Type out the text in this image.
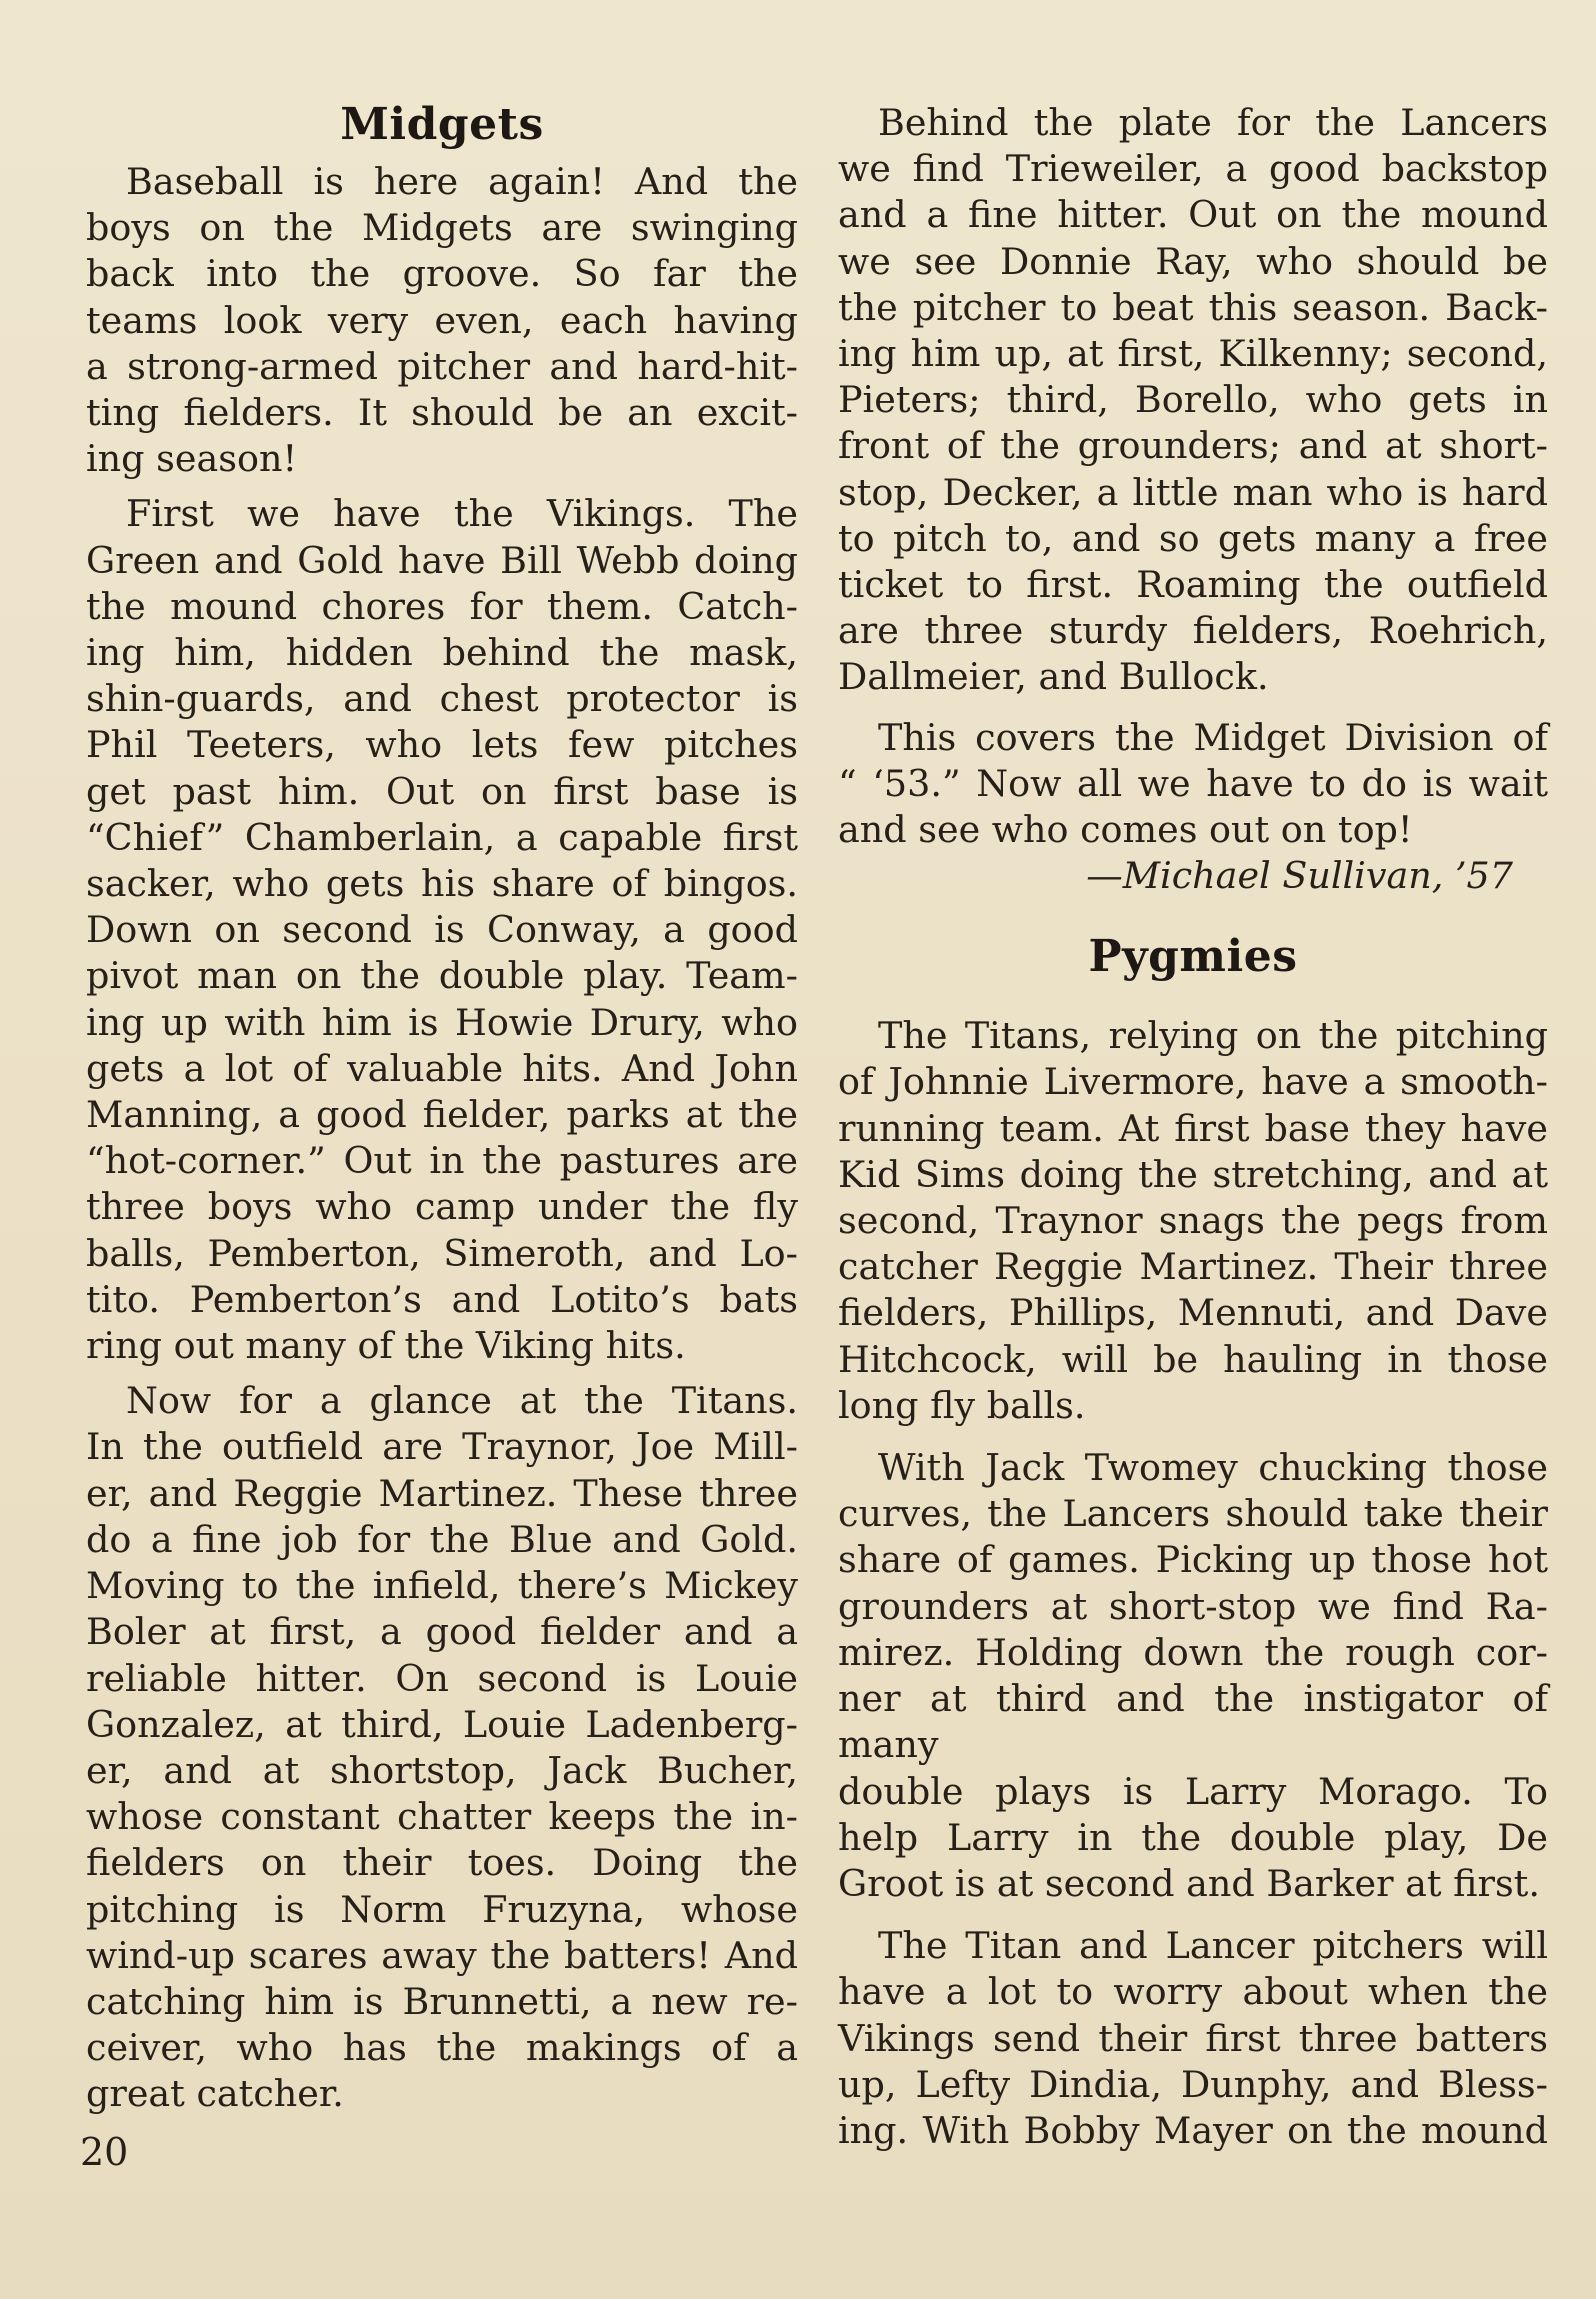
Midgets
Baseball is here again! And the
boys on the Midgets are swinging
back into the groove. So far the
teams look very even, each having
a strong-armed pitcher and hard-hit-
ting fielders. It should be an excit-
ing season!
First we have the Vikings. The
Green and Gold have Bill Webb doing
the mound chores for them. Catch-
ing him, hidden behind the mask,
shin-guards, and chest protector is
Phil Teeters, who lets few pitches
get past him. Out on first base is
“Chief” Chamberlain, a capable first
sacker, who gets his share of bingos.
Down on second is Conway, a good
pivot man on the double play. Team-
ing up with him is Howie Drury, who
gets a lot of valuable hits. And John
Manning, a good fielder, parks at the
“hot-corner.” Out in the pastures are
three boys who camp under the fly
balls, Pemberton, Simeroth, and Lo-
tito. Pemberton’s and Lotito’s bats
ring out many of the Viking hits.
Now for a glance at the Titans.
In the outfield are Traynor, Joe Mill-
er, and Reggie Martinez. These three
do a fine job for the Blue and Gold.
Moving to the infield, there’s Mickey
Boler at first, a good fielder and a
reliable hitter. On second is Louie
Gonzalez, at third, Louie Ladenberg-
er, and at shortstop, Jack Bucher,
whose constant chatter keeps the in-
fielders on their toes. Doing the
pitching is Norm Fruzyna, whose
wind-up scares away the batters! And
catching him is Brunnetti, a new re-
ceiver, who has the makings of a
great catcher.
Behind the plate for the Lancers
we find Trieweiler, a good backstop
and a fine hitter. Out on the mound
we see Donnie Ray, who should be
the pitcher to beat this season. Back-
ing him up, at first, Kilkenny; second,
Pieters; third, Borello, who gets in
front of the grounders; and at short-
stop, Decker, a little man who is hard
to pitch to, and so gets many a free
ticket to first. Roaming the outfield
are three sturdy fielders, Roehrich,
Dallmeier, and Bullock.
This covers the Midget Division of
“ ‘53.” Now all we have to do is wait
and see who comes out on top!

—Michael Sullivan, ’57

Pygmies
The Titans, relying on the pitching
of Johnnie Livermore, have a smooth-
running team. At first base they have
Kid Sims doing the stretching, and at
second, Traynor snags the pegs from
catcher Reggie Martinez. Their three
fielders, Phillips, Mennuti, and Dave
Hitchcock, will be hauling in those
long fly balls.
With Jack Twomey chucking those
curves, the Lancers should take their
share of games. Picking up those hot
grounders at short-stop we find Ra-
mirez. Holding down the rough cor-
ner at third and the instigator of many
double plays is Larry Morago. To
help Larry in the double play, De
Groot is at second and Barker at first.
The Titan and Lancer pitchers will
have a lot to worry about when the
Vikings send their first three batters
up, Lefty Dindia, Dunphy, and Bless-
ing. With Bobby Mayer on the mound
20
